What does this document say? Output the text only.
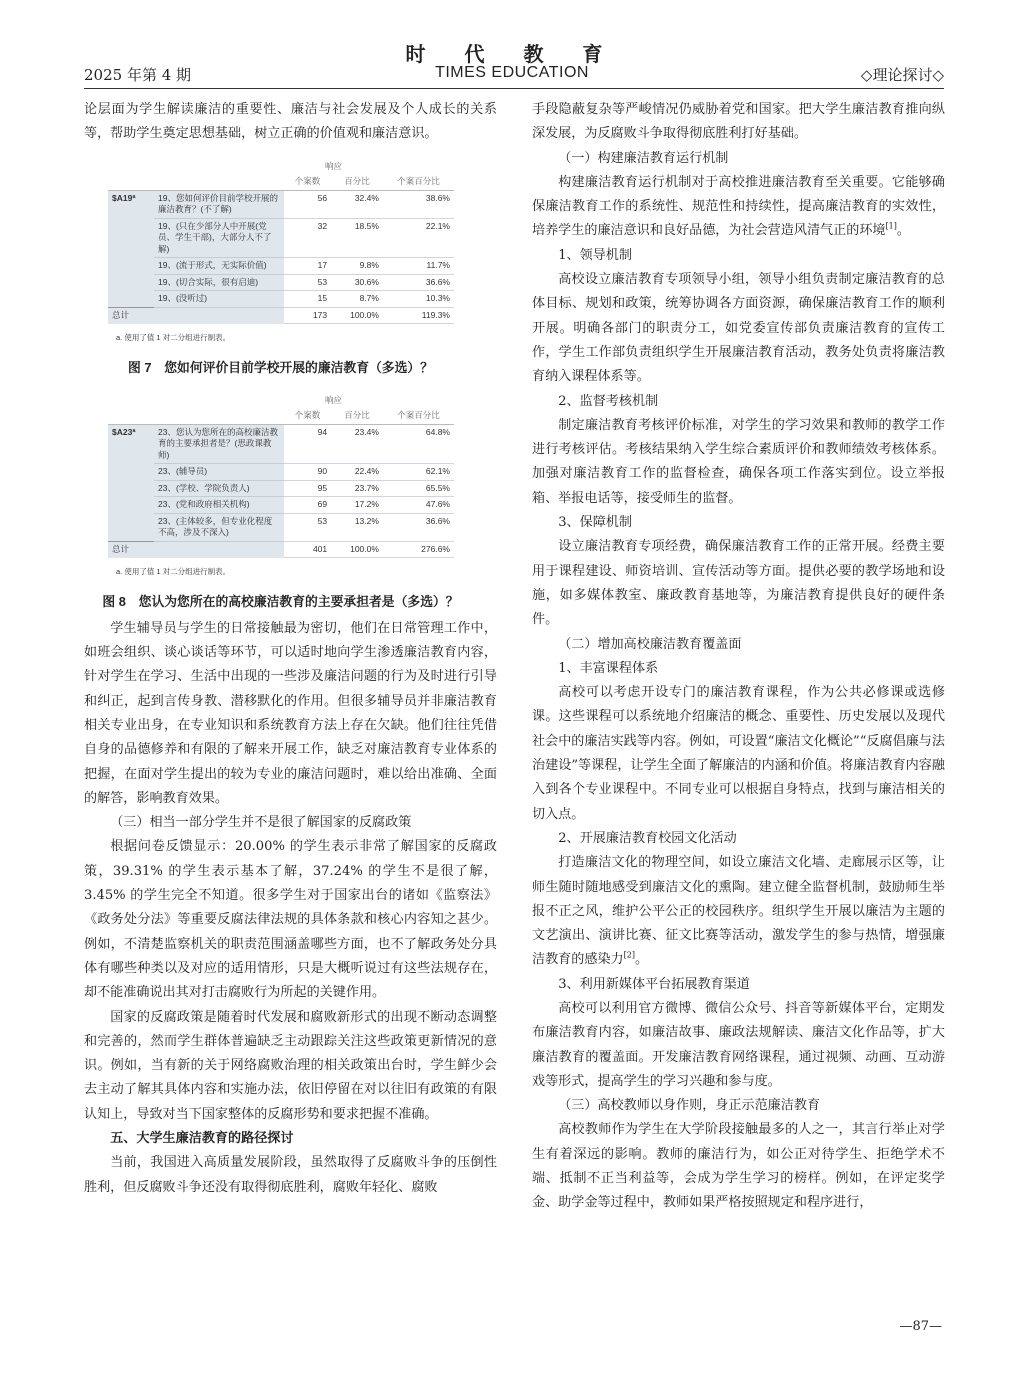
2025 年第 4 期
时 代 教 育
TIMES EDUCATION	◇理论探讨◇

论层面为学生解读廉洁的重要性、廉洁与社会发展及个人成长的关系等，帮助学生奠定思想基础，树立正确的价值观和廉洁意识。

		响应		
		个案数	百分比	个案百分比
$A19ª	19、您如何评价目前学校开展的廉洁教育？(不了解)	56	32.4%	38.6%
	19、(只在少部分人中开展(党员、学生干部)，大部分人不了解)	32	18.5%	22.1%
	19、(流于形式，无实际价值)	17	9.8%	11.7%
	19、(切合实际，很有启迪)	53	30.6%	36.6%
	19、(没听过)	15	8.7%	10.3%
总计		173	100.0%	119.3%
a. 使用了值 1 对二分组进行制表。
图 7　您如何评价目前学校开展的廉洁教育（多选）？
		响应		
		个案数	百分比	个案百分比
$A23ª	23、您认为您所在的高校廉洁教育的主要承担者是？(思政课教师)	94	23.4%	64.8%
	23、(辅导员)	90	22.4%	62.1%
	23、(学校、学院负责人)	95	23.7%	65.5%
	23、(党和政府相关机构)	69	17.2%	47.6%
	23、(主体较多，但专业化程度不高，涉及不深入)	53	13.2%	36.6%
总计		401	100.0%	276.6%
a. 使用了值 1 对二分组进行制表。
图 8　您认为您所在的高校廉洁教育的主要承担者是（多选）？

学生辅导员与学生的日常接触最为密切，他们在日常管理工作中，如班会组织、谈心谈话等环节，可以适时地向学生渗透廉洁教育内容，针对学生在学习、生活中出现的一些涉及廉洁问题的行为及时进行引导和纠正，起到言传身教、潜移默化的作用。但很多辅导员并非廉洁教育相关专业出身，在专业知识和系统教育方法上存在欠缺。他们往往凭借自身的品德修养和有限的了解来开展工作，缺乏对廉洁教育专业体系的把握，在面对学生提出的较为专业的廉洁问题时，难以给出准确、全面的解答，影响教育效果。

（三）相当一部分学生并不是很了解国家的反腐政策

根据问卷反馈显示：20.00% 的学生表示非常了解国家的反腐政策，39.31% 的学生表示基本了解，37.24% 的学生不是很了解，3.45% 的学生完全不知道。很多学生对于国家出台的诸如《监察法》《政务处分法》等重要反腐法律法规的具体条款和核心内容知之甚少。例如，不清楚监察机关的职责范围涵盖哪些方面，也不了解政务处分具体有哪些种类以及对应的适用情形，只是大概听说过有这些法规存在，却不能准确说出其对打击腐败行为所起的关键作用。

国家的反腐政策是随着时代发展和腐败新形式的出现不断动态调整和完善的，然而学生群体普遍缺乏主动跟踪关注这些政策更新情况的意识。例如，当有新的关于网络腐败治理的相关政策出台时，学生鲜少会去主动了解其具体内容和实施办法，依旧停留在对以往旧有政策的有限认知上，导致对当下国家整体的反腐形势和要求把握不准确。

五、大学生廉洁教育的路径探讨

当前，我国进入高质量发展阶段，虽然取得了反腐败斗争的压倒性胜利，但反腐败斗争还没有取得彻底胜利，腐败年轻化、腐败

手段隐蔽复杂等严峻情况仍威胁着党和国家。把大学生廉洁教育推向纵深发展，为反腐败斗争取得彻底胜利打好基础。

（一）构建廉洁教育运行机制

构建廉洁教育运行机制对于高校推进廉洁教育至关重要。它能够确保廉洁教育工作的系统性、规范性和持续性，提高廉洁教育的实效性，培养学生的廉洁意识和良好品德，为社会营造风清气正的环境[1]。

1、领导机制

高校设立廉洁教育专项领导小组，领导小组负责制定廉洁教育的总体目标、规划和政策，统筹协调各方面资源，确保廉洁教育工作的顺利开展。明确各部门的职责分工，如党委宣传部负责廉洁教育的宣传工作，学生工作部负责组织学生开展廉洁教育活动，教务处负责将廉洁教育纳入课程体系等。

2、监督考核机制

制定廉洁教育考核评价标准，对学生的学习效果和教师的教学工作进行考核评估。考核结果纳入学生综合素质评价和教师绩效考核体系。加强对廉洁教育工作的监督检查，确保各项工作落实到位。设立举报箱、举报电话等，接受师生的监督。

3、保障机制

设立廉洁教育专项经费，确保廉洁教育工作的正常开展。经费主要用于课程建设、师资培训、宣传活动等方面。提供必要的教学场地和设施，如多媒体教室、廉政教育基地等，为廉洁教育提供良好的硬件条件。

（二）增加高校廉洁教育覆盖面

1、丰富课程体系

高校可以考虑开设专门的廉洁教育课程，作为公共必修课或选修课。这些课程可以系统地介绍廉洁的概念、重要性、历史发展以及现代社会中的廉洁实践等内容。例如，可设置“廉洁文化概论”“反腐倡廉与法治建设”等课程，让学生全面了解廉洁的内涵和价值。将廉洁教育内容融入到各个专业课程中。不同专业可以根据自身特点，找到与廉洁相关的切入点。

2、开展廉洁教育校园文化活动

打造廉洁文化的物理空间，如设立廉洁文化墙、走廊展示区等，让师生随时随地感受到廉洁文化的熏陶。建立健全监督机制，鼓励师生举报不正之风，维护公平公正的校园秩序。组织学生开展以廉洁为主题的文艺演出、演讲比赛、征文比赛等活动，激发学生的参与热情，增强廉洁教育的感染力[2]。

3、利用新媒体平台拓展教育渠道

高校可以利用官方微博、微信公众号、抖音等新媒体平台，定期发布廉洁教育内容，如廉洁故事、廉政法规解读、廉洁文化作品等，扩大廉洁教育的覆盖面。开发廉洁教育网络课程，通过视频、动画、互动游戏等形式，提高学生的学习兴趣和参与度。

（三）高校教师以身作则，身正示范廉洁教育

高校教师作为学生在大学阶段接触最多的人之一，其言行举止对学生有着深远的影响。教师的廉洁行为，如公正对待学生、拒绝学术不端、抵制不正当利益等，会成为学生学习的榜样。例如，在评定奖学金、助学金等过程中，教师如果严格按照规定和程序进行，

—87—
